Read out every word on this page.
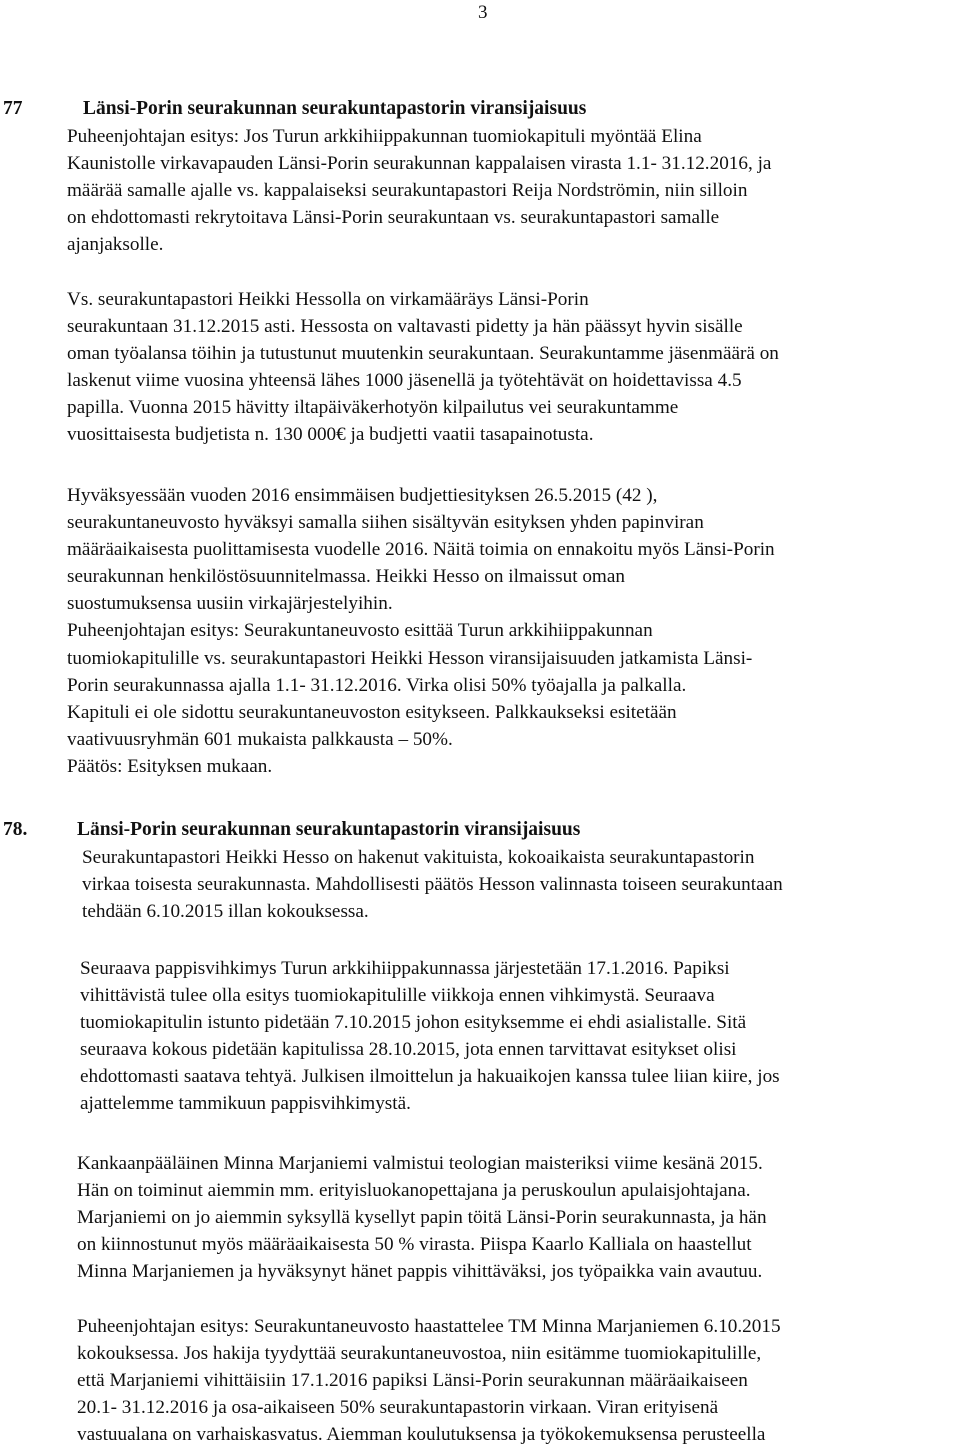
3
77	Länsi-Porin seurakunnan seurakuntapastorin viransijaisuus

Puheenjohtajan esitys: Jos Turun arkkihiippakunnan tuomiokapituli myöntää Elina
Kaunistolle virkavapauden Länsi-Porin seurakunnan kappalaisen virasta 1.1- 31.12.2016, ja
määrää samalle ajalle vs. kappalaiseksi seurakuntapastori Reija Nordströmin, niin silloin
on ehdottomasti rekrytoitava Länsi-Porin seurakuntaan vs. seurakuntapastori samalle
ajanjaksolle.

Vs. seurakuntapastori Heikki Hessolla on virkamääräys Länsi-Porin
seurakuntaan 31.12.2015 asti. Hessosta on valtavasti pidetty ja hän päässyt hyvin sisälle
oman työalansa töihin ja tutustunut muutenkin seurakuntaan. Seurakuntamme jäsenmäärä on
laskenut viime vuosina yhteensä lähes 1000 jäsenellä ja työtehtävät on hoidettavissa 4.5
papilla. Vuonna 2015 hävitty iltapäiväkerhotyön kilpailutus vei seurakuntamme
vuosittaisesta budjetista n. 130 000€ ja budjetti vaatii tasapainotusta.

Hyväksyessään vuoden 2016 ensimmäisen budjettiesityksen 26.5.2015 (42 ),
seurakuntaneuvosto hyväksyi samalla siihen sisältyvän esityksen yhden papinviran
määräaikaisesta puolittamisesta vuodelle 2016. Näitä toimia on ennakoitu myös Länsi-Porin
seurakunnan henkilöstösuunnitelmassa. Heikki Hesso on ilmaissut oman
suostumuksensa uusiin virkajärjestelyihin.
Puheenjohtajan esitys: Seurakuntaneuvosto esittää Turun arkkihiippakunnan
tuomiokapitulille vs. seurakuntapastori Heikki Hesson viransijaisuuden jatkamista Länsi-
Porin seurakunnassa ajalla 1.1- 31.12.2016. Virka olisi 50% työajalla ja palkalla.
Kapituli ei ole sidottu seurakuntaneuvoston esitykseen. Palkkaukseksi esitetään
vaativuusryhmän 601 mukaista palkkausta – 50%.
Päätös: Esityksen mukaan.

78.	Länsi-Porin seurakunnan seurakuntapastorin viransijaisuus

Seurakuntapastori Heikki Hesso on hakenut vakituista, kokoaikaista seurakuntapastorin
virkaa toisesta seurakunnasta. Mahdollisesti päätös Hesson valinnasta toiseen seurakuntaan
tehdään 6.10.2015 illan kokouksessa.

Seuraava pappisvihkimys Turun arkkihiippakunnassa järjestetään 17.1.2016. Papiksi
vihittävistä tulee olla esitys tuomiokapitulille viikkoja ennen vihkimystä. Seuraava
tuomiokapitulin istunto pidetään 7.10.2015 johon esityksemme ei ehdi asialistalle. Sitä
seuraava kokous pidetään kapitulissa 28.10.2015, jota ennen tarvittavat esitykset olisi
ehdottomasti saatava tehtyä. Julkisen ilmoittelun ja hakuaikojen kanssa tulee liian kiire, jos
ajattelemme tammikuun pappisvihkimystä.

Kankaanpääläinen Minna Marjaniemi valmistui teologian maisteriksi viime kesänä 2015.
Hän on toiminut aiemmin mm. erityisluokanopettajana ja peruskoulun apulaisjohtajana.
Marjaniemi on jo aiemmin syksyllä kysellyt papin töitä Länsi-Porin seurakunnasta, ja hän
on kiinnostunut myös määräaikaisesta 50 % virasta. Piispa Kaarlo Kalliala on haastellut
Minna Marjaniemen ja hyväksynyt hänet pappis vihittäväksi, jos työpaikka vain avautuu.

Puheenjohtajan esitys: Seurakuntaneuvosto haastattelee TM Minna Marjaniemen 6.10.2015
kokouksessa. Jos hakija tyydyttää seurakuntaneuvostoa, niin esitämme tuomiokapitulille,
että Marjaniemi vihittäisiin 17.1.2016 papiksi Länsi-Porin seurakunnan määräaikaiseen
20.1- 31.12.2016 ja osa-aikaiseen 50% seurakuntapastorin virkaan. Viran erityisenä
vastuualana on varhaiskasvatus. Aiemman koulutuksensa ja työkokemuksensa perusteella
